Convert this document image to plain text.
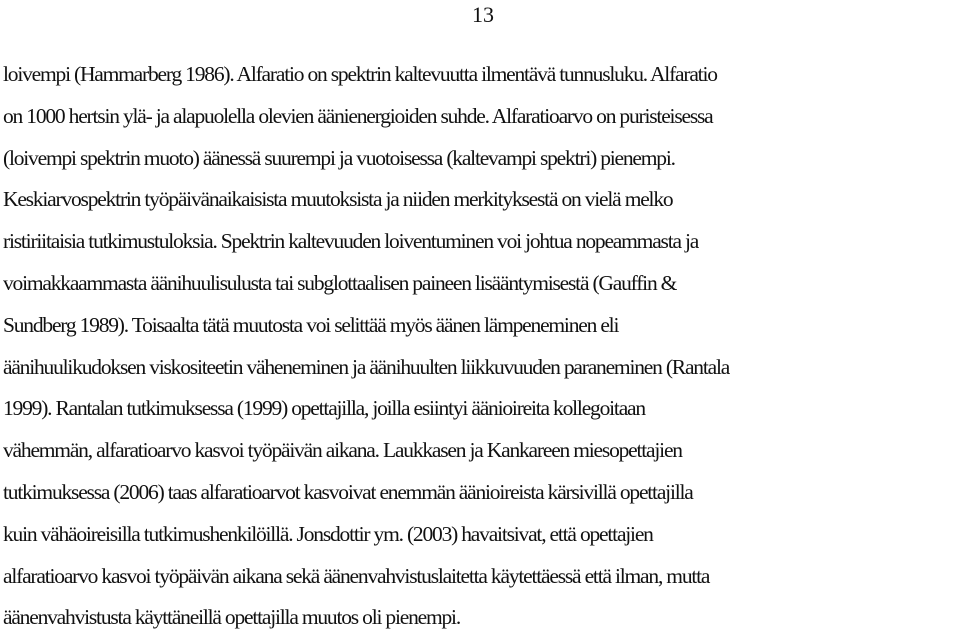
13
loivempi (Hammarberg 1986). Alfaratio on spektrin kaltevuutta ilmentävä tunnusluku. Alfaratio
on 1000 hertsin ylä- ja alapuolella olevien äänienergioiden suhde. Alfaratioarvo on puristeisessa
(loivempi spektrin muoto) äänessä suurempi ja vuotoisessa (kaltevampi spektri) pienempi.
Keskiarvospektrin työpäivänaikaisista muutoksista ja niiden merkityksestä on vielä melko
ristiriitaisia tutkimustuloksia. Spektrin kaltevuuden loiventuminen voi johtua nopeammasta ja
voimakkaammasta äänihuulisulusta tai subglottaalisen paineen lisääntymisestä (Gauffin &
Sundberg 1989). Toisaalta tätä muutosta voi selittää myös äänen lämpeneminen eli
äänihuulikudoksen viskositeetin väheneminen ja äänihuulten liikkuvuuden paraneminen (Rantala
1999). Rantalan tutkimuksessa (1999) opettajilla, joilla esiintyi äänioireita kollegoitaan
vähemmän, alfaratioarvo kasvoi työpäivän aikana. Laukkasen ja Kankareen miesopettajien
tutkimuksessa (2006) taas alfaratioarvot kasvoivat enemmän äänioireista kärsivillä opettajilla
kuin vähäoireisilla tutkimushenkilöillä. Jonsdottir ym. (2003) havaitsivat, että opettajien
alfaratioarvo kasvoi työpäivän aikana sekä äänenvahvistuslaitetta käytettäessä että ilman, mutta
äänenvahvistusta käyttäneillä opettajilla muutos oli pienempi.
